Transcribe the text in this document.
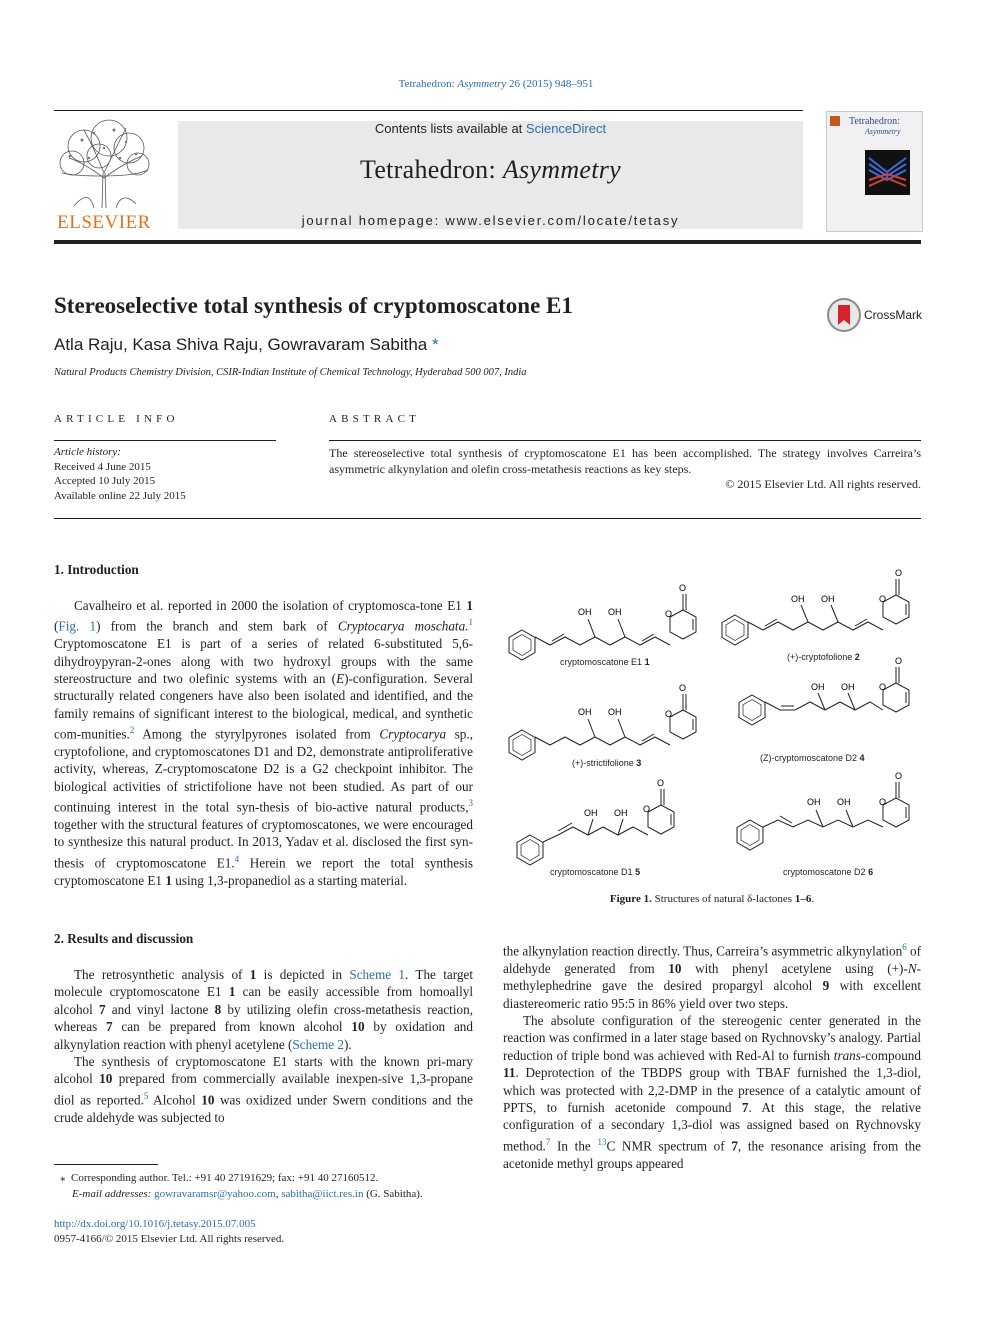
Tetrahedron: Asymmetry 26 (2015) 948–951
ELSEVIER
Contents lists available at ScienceDirect
Tetrahedron: Asymmetry
journal homepage: www.elsevier.com/locate/tetasy
Tetrahedron:
Asymmetry
Stereoselective total synthesis of cryptomoscatone E1	CrossMark
Atla Raju, Kasa Shiva Raju, Gowravaram Sabitha *
Natural Products Chemistry Division, CSIR-Indian Institute of Chemical Technology, Hyderabad 500 007, India
ARTICLE INFO
Article history:
Received 4 June 2015
Accepted 10 July 2015
Available online 22 July 2015
ABSTRACT
The stereoselective total synthesis of cryptomoscatone E1 has been accomplished. The strategy involves Carreira’s asymmetric alkynylation and olefin cross-metathesis reactions as key steps.
© 2015 Elsevier Ltd. All rights reserved.
1. Introduction

Cavalheiro et al. reported in 2000 the isolation of cryptomosca-tone E1 1 (Fig. 1) from the branch and stem bark of Cryptocarya moschata.$^1$ Cryptomoscatone E1 is part of a series of related 6-substituted 5,6-dihydroypyran-2-ones along with two hydroxyl groups with the same stereostructure and two olefinic systems with an (E)-configuration. Several structurally related congeners have also been isolated and identified, and the family remains of significant interest to the biological, medical, and synthetic com-munities.$^2$ Among the styrylpyrones isolated from Cryptocarya sp., cryptofolione, and cryptomoscatones D1 and D2, demonstrate antiproliferative activity, whereas, Z-cryptomoscatone D2 is a G2 checkpoint inhibitor. The biological activities of strictifolione have not been studied. As part of our continuing interest in the total syn-thesis of bio-active natural products,$^3$ together with the structural features of cryptomoscatones, we were encouraged to synthesize this natural product. In 2013, Yadav et al. disclosed the first syn-thesis of cryptomoscatone E1.$^4$ Herein we report the total synthesis cryptomoscatone E1 1 using 1,3-propanediol as a starting material.

2. Results and discussion

The retrosynthetic analysis of 1 is depicted in Scheme 1. The target molecule cryptomoscatone E1 1 can be easily accessible from homoallyl alcohol 7 and vinyl lactone 8 by utilizing olefin cross-metathesis reaction, whereas 7 can be prepared from known alcohol 10 by oxidation and alkynylation reaction with phenyl acetylene (Scheme 2).

The synthesis of cryptomoscatone E1 starts with the known pri-mary alcohol 10 prepared from commercially available inexpen-sive 1,3-propane diol as reported.$^5$ Alcohol 10 was oxidized under Swern conditions and the crude aldehyde was subjected to

the alkynylation reaction directly. Thus, Carreira’s asymmetric alkynylation$^6$ of aldehyde generated from 10 with phenyl acetylene using (+)-N-methylephedrine gave the desired propargyl alcohol 9 with excellent diastereomeric ratio 95:5 in 86% yield over two steps.

The absolute configuration of the stereogenic center generated in the reaction was confirmed in a later stage based on Rychnovsky’s analogy. Partial reduction of triple bond was achieved with Red-Al to furnish trans-compound 11. Deprotection of the TBDPS group with TBAF furnished the 1,3-diol, which was protected with 2,2-DMP in the presence of a catalytic amount of PPTS, to furnish acetonide compound 7. At this stage, the relative configuration of a secondary 1,3-diol was assigned based on Rychnovsky method.$^7$ In the $^{13}$C NMR spectrum of 7, the resonance arising from the acetonide methyl groups appeared

OH OH
O
O
OH OH
O
O
OH OH
O
O
OH OH
O
O
OH OH
O
O
OH OH
O
O
cryptomoscatone E1 1	(+)-cryptofolione 2
(+)-strictifolione 3	(Z)-cryptomoscatone D2 4
cryptomoscatone D1 5	cryptomoscatone D2 6
Figure 1. Structures of natural δ-lactones 1–6.
⁎ Corresponding author. Tel.: +91 40 27191629; fax: +91 40 27160512.
E-mail addresses: gowravaramsr@yahoo.com, sabitha@iict.res.in (G. Sabitha).
http://dx.doi.org/10.1016/j.tetasy.2015.07.005
0957-4166/© 2015 Elsevier Ltd. All rights reserved.
